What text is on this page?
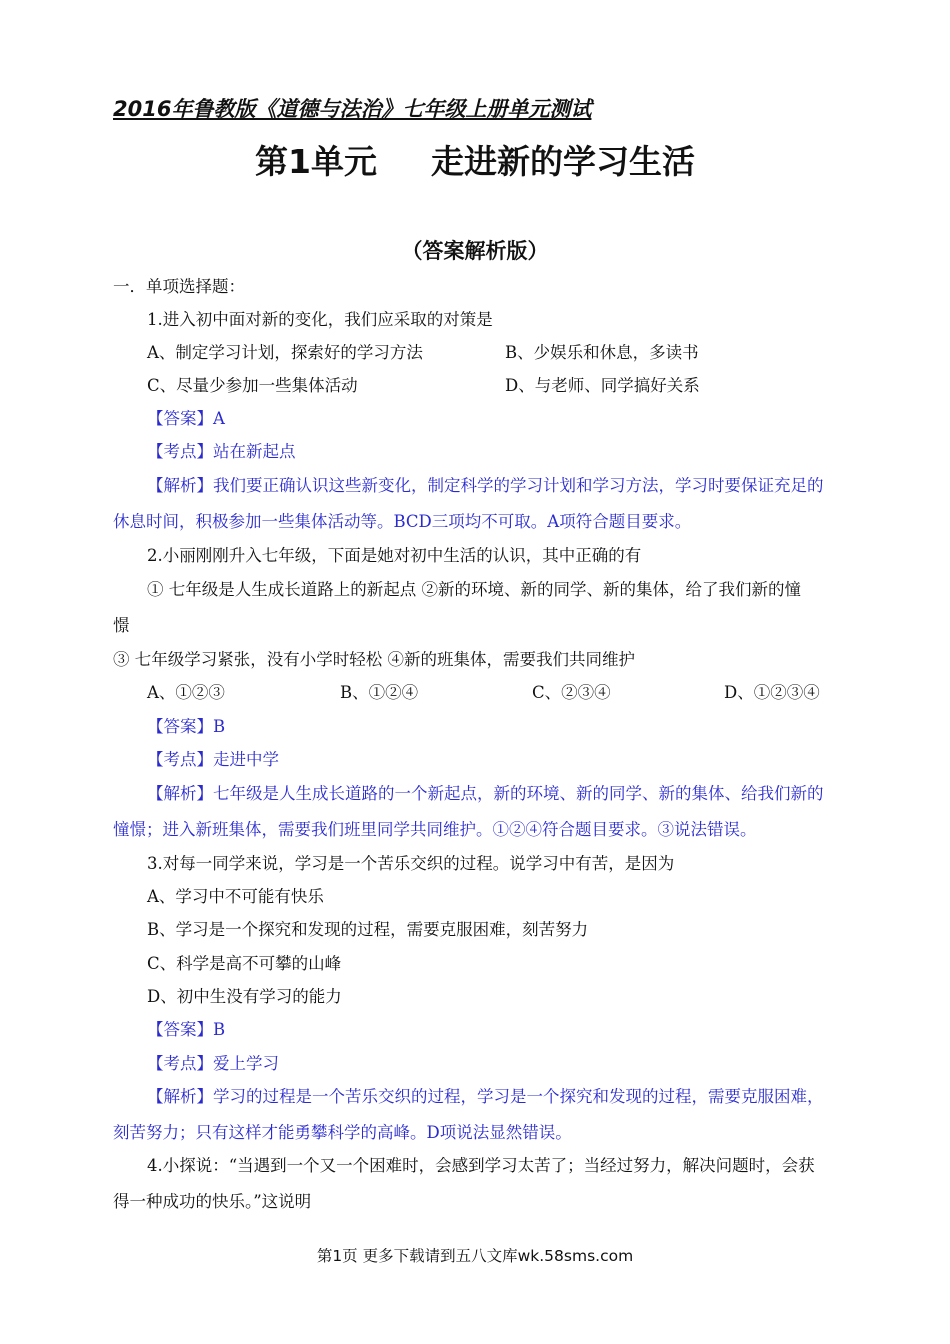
2016年鲁教版《道德与法治》七年级上册单元测试
第1单元 走进新的学习生活
（答案解析版）
一．单项选择题：
1.进入初中面对新的变化，我们应采取的对策是
A、制定学习计划，探索好的学习方法	B、少娱乐和休息，多读书
C、尽量少参加一些集体活动	D、与老师、同学搞好关系
【答案】A
【考点】站在新起点
【解析】我们要正确认识这些新变化，制定科学的学习计划和学习方法，学习时要保证充足的
休息时间，积极参加一些集体活动等。BCD三项均不可取。A项符合题目要求。
2.小丽刚刚升入七年级，下面是她对初中生活的认识，其中正确的有
① 七年级是人生成长道路上的新起点 ②新的环境、新的同学、新的集体，给了我们新的憧
憬
③ 七年级学习紧张，没有小学时轻松 ④新的班集体，需要我们共同维护
A、①②③	B、①②④	C、②③④	D、①②③④
【答案】B
【考点】走进中学
【解析】七年级是人生成长道路的一个新起点，新的环境、新的同学、新的集体、给我们新的
憧憬；进入新班集体，需要我们班里同学共同维护。①②④符合题目要求。③说法错误。
3.对每一同学来说，学习是一个苦乐交织的过程。说学习中有苦，是因为
A、学习中不可能有快乐
B、学习是一个探究和发现的过程，需要克服困难，刻苦努力
C、科学是高不可攀的山峰
D、初中生没有学习的能力
【答案】B
【考点】爱上学习
【解析】学习的过程是一个苦乐交织的过程，学习是一个探究和发现的过程，需要克服困难，
刻苦努力；只有这样才能勇攀科学的高峰。D项说法显然错误。
4.小探说：“当遇到一个又一个困难时，会感到学习太苦了；当经过努力，解决问题时，会获
得一种成功的快乐。”这说明
第1页 更多下载请到五八文库wk.58sms.com
